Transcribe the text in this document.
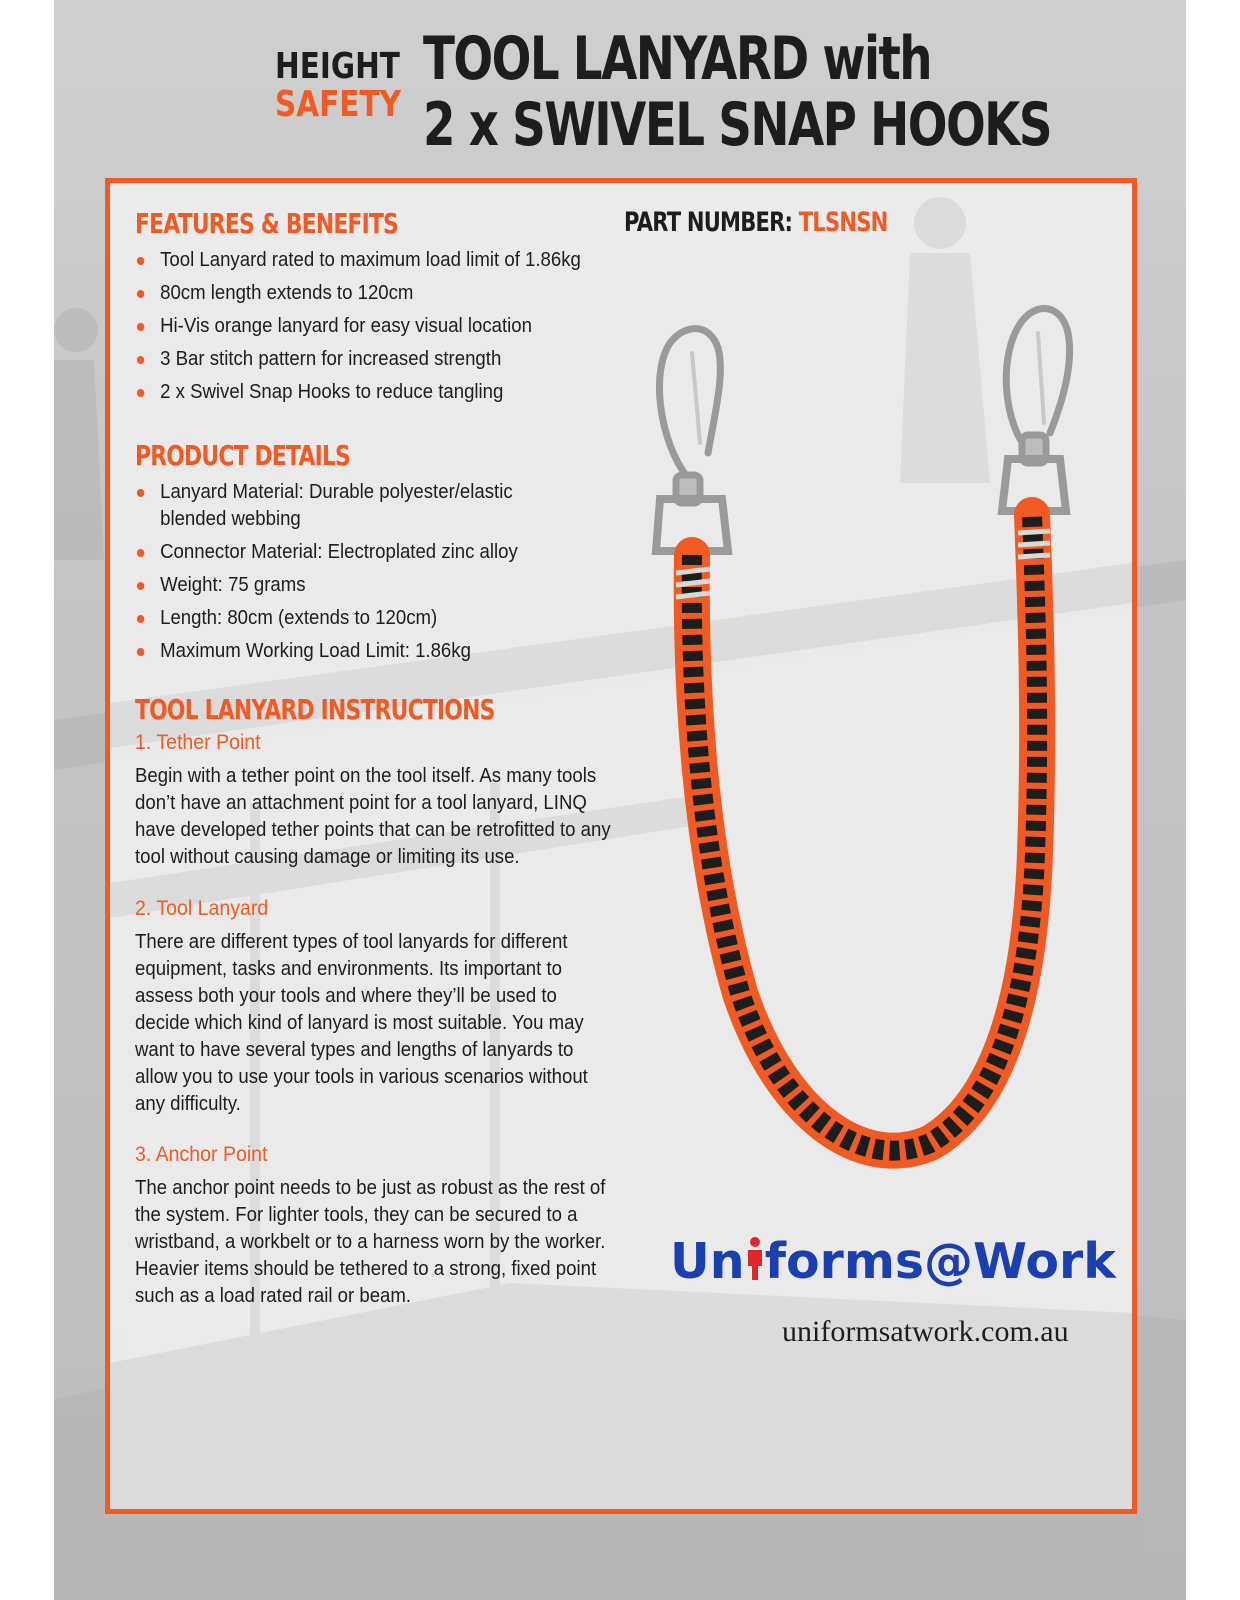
HEIGHT
SAFETY
TOOL LANYARD with
2 x SWIVEL SNAP HOOKS
FEATURES & BENEFITS
Tool Lanyard rated to maximum load limit of 1.86kg
80cm length extends to 120cm
Hi-Vis orange lanyard for easy visual location
3 Bar stitch pattern for increased strength
2 x Swivel Snap Hooks to reduce tangling
PRODUCT DETAILS
Lanyard Material: Durable polyester/elastic blended webbing
Connector Material: Electroplated zinc alloy
Weight: 75 grams
Length: 80cm (extends to 120cm)
Maximum Working Load Limit: 1.86kg
TOOL LANYARD INSTRUCTIONS
1. Tether Point
Begin with a tether point on the tool itself. As many tools don’t have an attachment point for a tool lanyard, LINQ have developed tether points that can be retrofitted to any tool without causing damage or limiting its use.
2. Tool Lanyard
There are different types of tool lanyards for different equipment, tasks and environments. Its important to assess both your tools and where they’ll be used to decide which kind of lanyard is most suitable. You may want to have several types and lengths of lanyards to allow you to use your tools in various scenarios without any difficulty.
3. Anchor Point
The anchor point needs to be just as robust as the rest of the system. For lighter tools, they can be secured to a wristband, a workbelt or to a harness worn by the worker. Heavier items should be tethered to a strong, fixed point such as a load rated rail or beam.
PART NUMBER: TLSNSN
Un forms@Work
uniformsatwork.com.au
